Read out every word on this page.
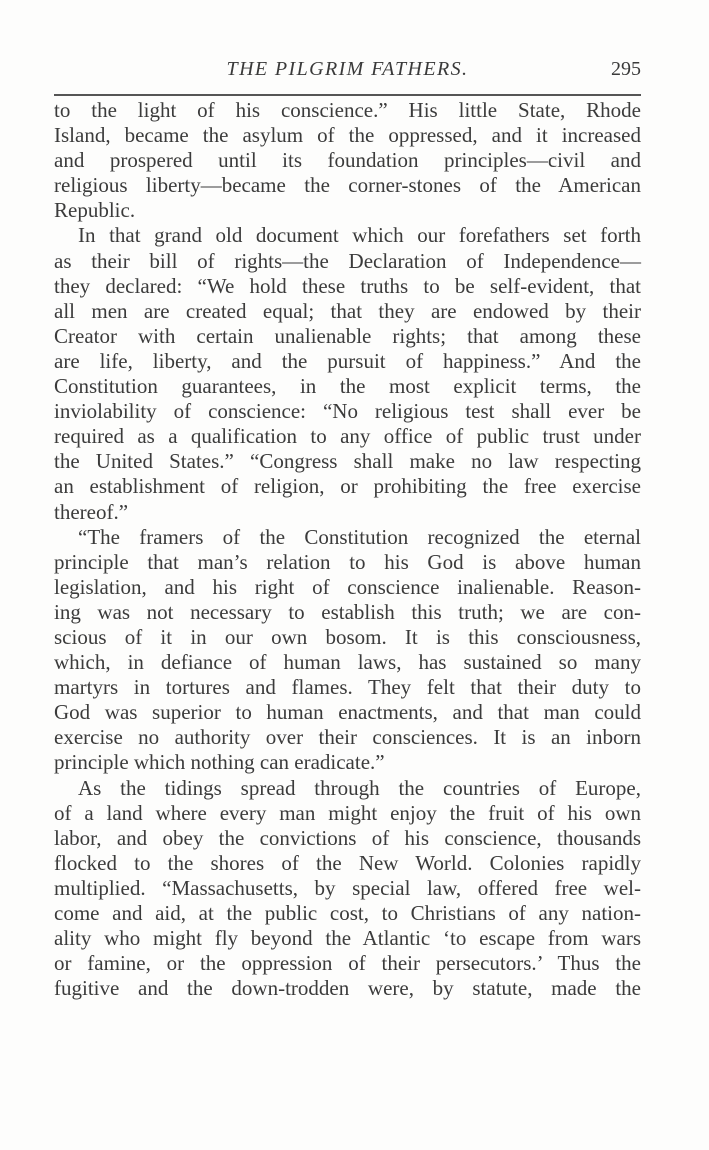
THE PILGRIM FATHERS.	295

to the light of his conscience.” His little State, Rhode
Island, became the asylum of the oppressed, and it increased
and prospered until its foundation principles—civil and
religious liberty—became the corner-stones of the American
Republic.

In that grand old document which our forefathers set forth
as their bill of rights—the Declaration of Independence—
they declared: “We hold these truths to be self-evident, that
all men are created equal; that they are endowed by their
Creator with certain unalienable rights; that among these
are life, liberty, and the pursuit of happiness.” And the
Constitution guarantees, in the most explicit terms, the
inviolability of conscience: “No religious test shall ever be
required as a qualification to any office of public trust under
the United States.” “Congress shall make no law respecting
an establishment of religion, or prohibiting the free exercise
thereof.”

“The framers of the Constitution recognized the eternal
principle that man’s relation to his God is above human
legislation, and his right of conscience inalienable. Reason-
ing was not necessary to establish this truth; we are con-
scious of it in our own bosom. It is this consciousness,
which, in defiance of human laws, has sustained so many
martyrs in tortures and flames. They felt that their duty to
God was superior to human enactments, and that man could
exercise no authority over their consciences. It is an inborn
principle which nothing can eradicate.”

As the tidings spread through the countries of Europe,
of a land where every man might enjoy the fruit of his own
labor, and obey the convictions of his conscience, thousands
flocked to the shores of the New World. Colonies rapidly
multiplied. “Massachusetts, by special law, offered free wel-
come and aid, at the public cost, to Christians of any nation-
ality who might fly beyond the Atlantic ‘to escape from wars
or famine, or the oppression of their persecutors.’ Thus the
fugitive and the down-trodden were, by statute, made the
